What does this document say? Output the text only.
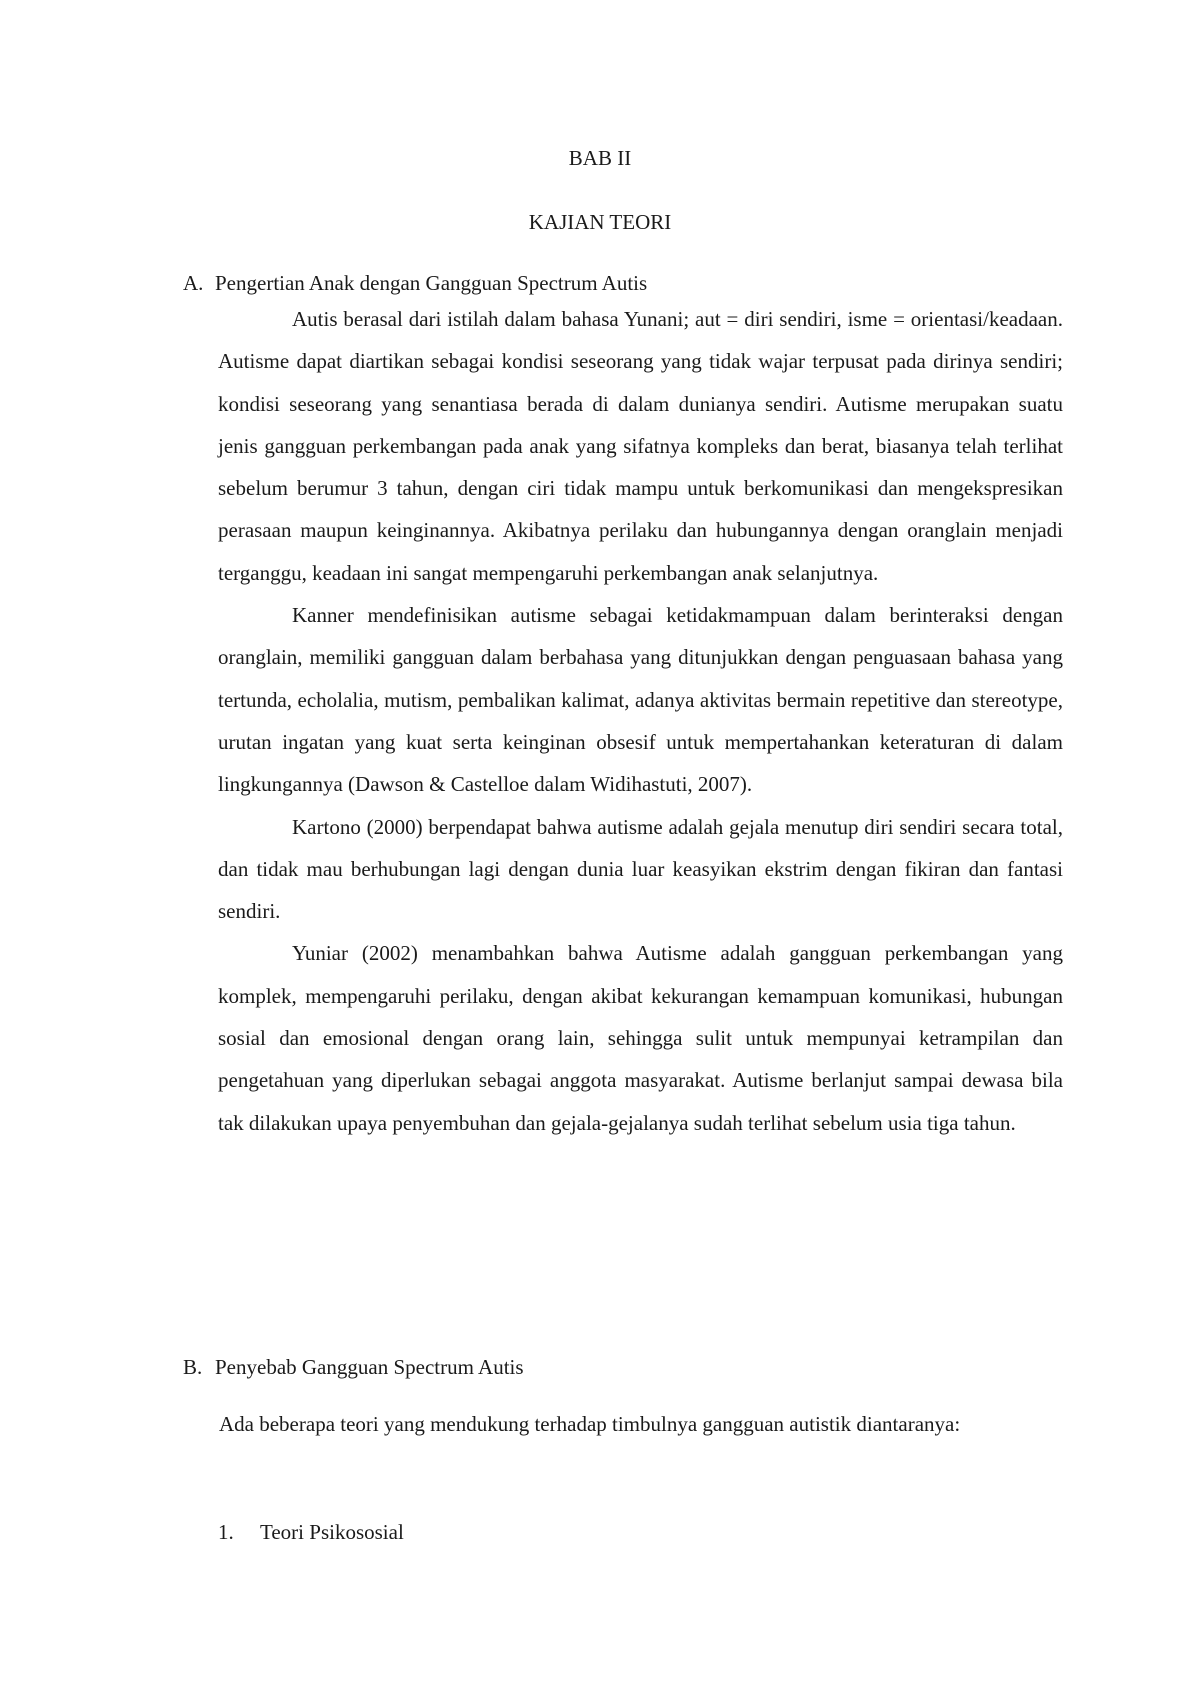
BAB II
KAJIAN TEORI
A. Pengertian Anak dengan Gangguan Spectrum Autis

Autis berasal dari istilah dalam bahasa Yunani; aut = diri sendiri, isme = orientasi/keadaan. Autisme dapat diartikan sebagai kondisi seseorang yang tidak wajar terpusat pada dirinya sendiri; kondisi seseorang yang senantiasa berada di dalam dunianya sendiri. Autisme merupakan suatu jenis gangguan perkembangan pada anak yang sifatnya kompleks dan berat, biasanya telah terlihat sebelum berumur 3 tahun, dengan ciri tidak mampu untuk berkomunikasi dan mengekspresikan perasaan maupun keinginannya. Akibatnya perilaku dan hubungannya dengan oranglain menjadi terganggu, keadaan ini sangat mempengaruhi perkembangan anak selanjutnya.

Kanner mendefinisikan autisme sebagai ketidakmampuan dalam berinteraksi dengan oranglain, memiliki gangguan dalam berbahasa yang ditunjukkan dengan penguasaan bahasa yang tertunda, echolalia, mutism, pembalikan kalimat, adanya aktivitas bermain repetitive dan stereotype, urutan ingatan yang kuat serta keinginan obsesif untuk mempertahankan keteraturan di dalam lingkungannya (Dawson & Castelloe dalam Widihastuti, 2007).

Kartono (2000) berpendapat bahwa autisme adalah gejala menutup diri sendiri secara total, dan tidak mau berhubungan lagi dengan dunia luar keasyikan ekstrim dengan fikiran dan fantasi sendiri.

Yuniar (2002) menambahkan bahwa Autisme adalah gangguan perkembangan yang komplek, mempengaruhi perilaku, dengan akibat kekurangan kemampuan komunikasi, hubungan sosial dan emosional dengan orang lain, sehingga sulit untuk mempunyai ketrampilan dan pengetahuan yang diperlukan sebagai anggota masyarakat. Autisme berlanjut sampai dewasa bila tak dilakukan upaya penyembuhan dan gejala-gejalanya sudah terlihat sebelum usia tiga tahun.

B. Penyebab Gangguan Spectrum Autis

Ada beberapa teori yang mendukung terhadap timbulnya gangguan autistik diantaranya:

1. Teori Psikososial
